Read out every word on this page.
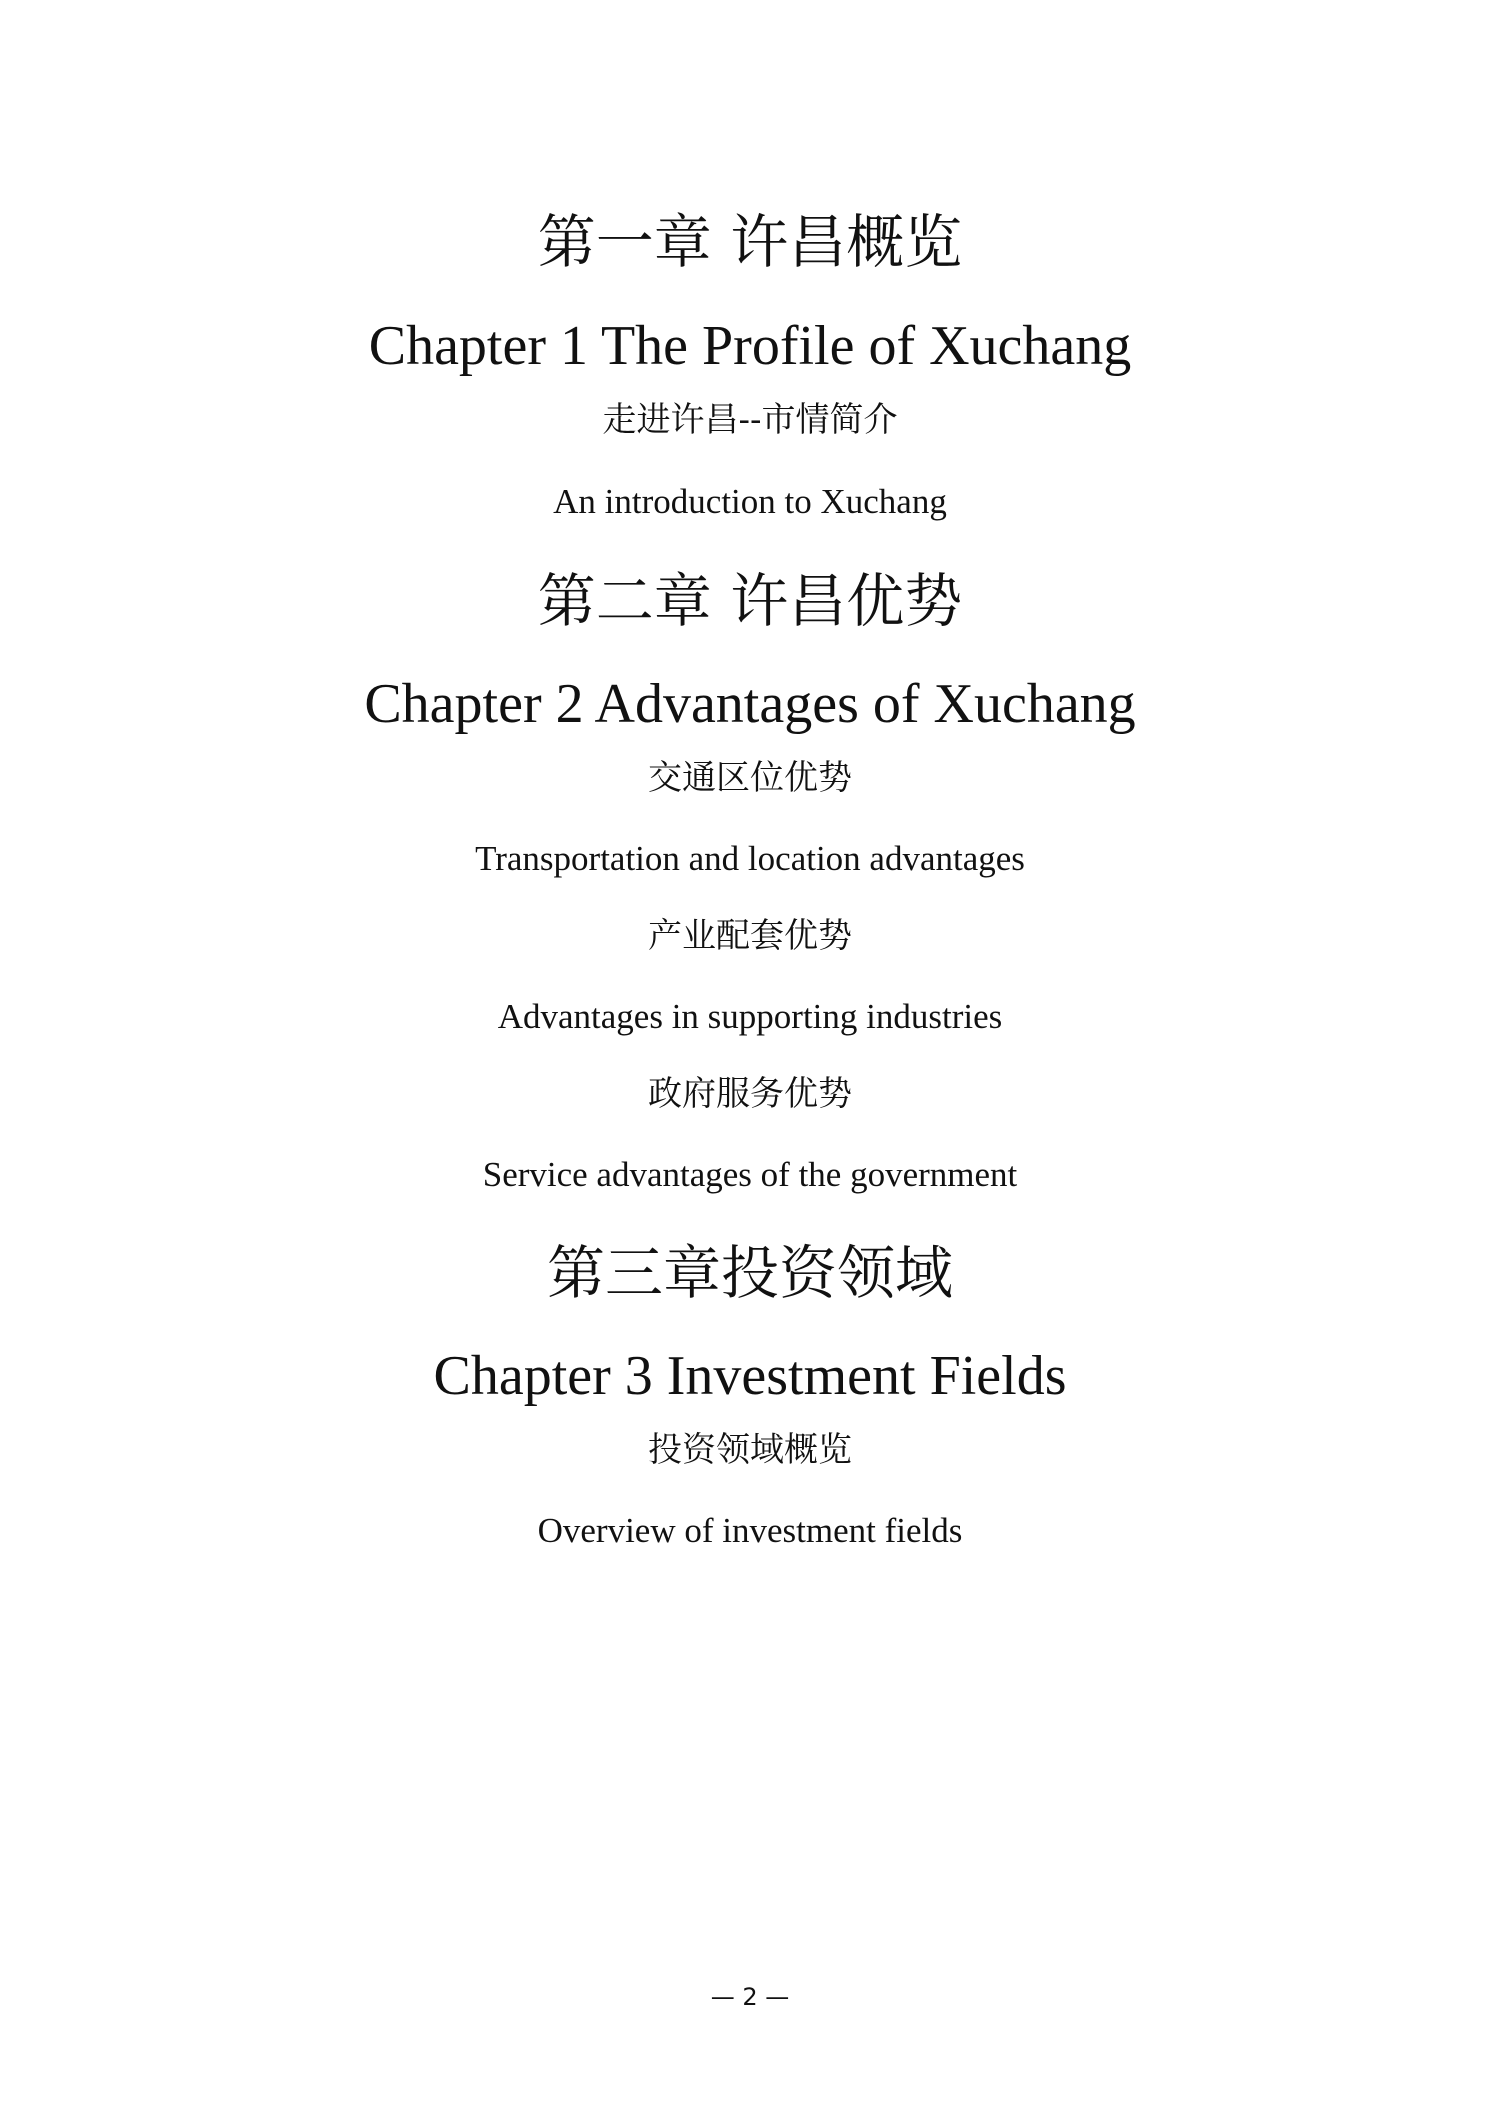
第一章 许昌概览
Chapter 1 The Profile of Xuchang
走进许昌--市情简介
An introduction to Xuchang
第二章 许昌优势
Chapter 2 Advantages of Xuchang
交通区位优势
Transportation and location advantages
产业配套优势
Advantages in supporting industries
政府服务优势
Service advantages of the government
第三章投资领域
Chapter 3 Investment Fields
投资领域概览
Overview of investment fields
— 2 —
